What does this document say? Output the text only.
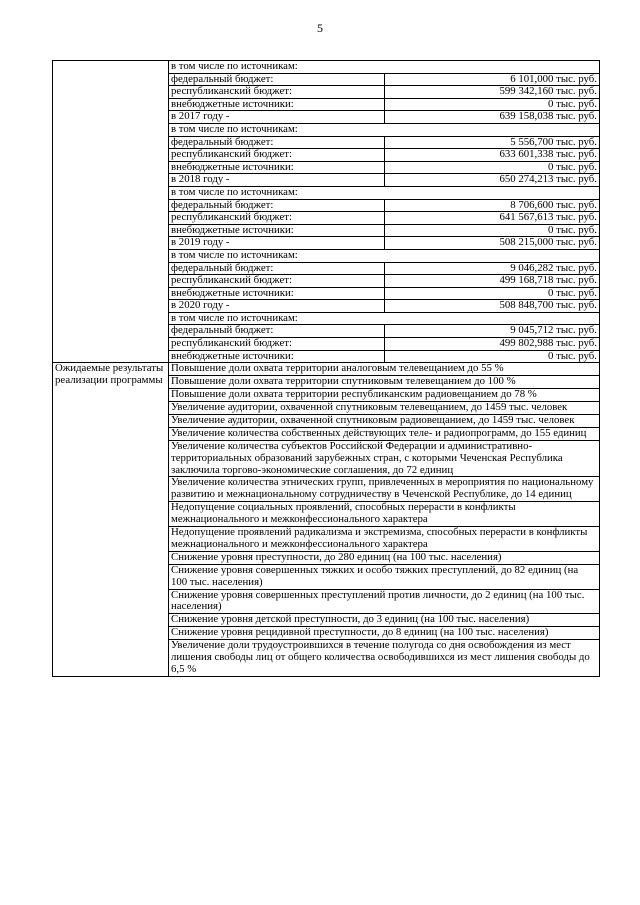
5
	в том числе по источникам:	
	федеральный бюджет:	6 101,000 тыс. руб.
	республиканский бюджет:	599 342,160 тыс. руб.
	внебюджетные источники:	0 тыс. руб.
	в 2017 году -	639 158,038 тыс. руб.
	в том числе по источникам:	
	федеральный бюджет:	5 556,700 тыс. руб.
	республиканский бюджет:	633 601,338 тыс. руб.
	внебюджетные источники:	0 тыс. руб.
	в 2018 году -	650 274,213 тыс. руб.
	в том числе по источникам:	
	федеральный бюджет:	8 706,600 тыс. руб.
	республиканский бюджет:	641 567,613 тыс. руб.
	внебюджетные источники:	0 тыс. руб.
	в 2019 году -	508 215,000 тыс. руб.
	в том числе по источникам:	
	федеральный бюджет:	9 046,282 тыс. руб.
	республиканский бюджет:	499 168,718 тыс. руб.
	внебюджетные источники:	0 тыс. руб.
	в 2020 году -	508 848,700 тыс. руб.
	в том числе по источникам:	
	федеральный бюджет:	9 045,712 тыс. руб.
	республиканский бюджет:	499 802,988 тыс. руб.
	внебюджетные источники:	0 тыс. руб.
Ожидаемые результаты реализации программы	Повышение доли охвата территории аналоговым телевещанием до 55 %	
	Повышение доли охвата территории спутниковым телевещанием до 100 %	
	Повышение доли охвата территории республиканским радиовещанием до 78 %	
	Увеличение аудитории, охваченной спутниковым телевещанием, до 1459 тыс. человек	
	Увеличение аудитории, охваченной спутниковым радиовещанием, до 1459 тыс. человек	
	Увеличение количества собственных действующих теле- и радиопрограмм, до 155 единиц	
	Увеличение количества субъектов Российской Федерации и административно-территориальных образований зарубежных стран, с которыми Чеченская Республика заключила торгово-экономические соглашения, до 72 единиц	
	Увеличение количества этнических групп, привлеченных в мероприятия по национальному развитию и межнациональному сотрудничеству в Чеченской Республике, до 14 единиц	
	Недопущение социальных проявлений, способных перерасти в конфликты межнационального и межконфессионального характера	
	Недопущение проявлений радикализма и экстремизма, способных перерасти в конфликты межнационального и межконфессионального характера	
	Снижение уровня преступности, до 280 единиц (на 100 тыс. населения)	
	Снижение уровня совершенных тяжких и особо тяжких преступлений, до 82 единиц (на 100 тыс. населения)	
	Снижение уровня совершенных преступлений против личности, до 2 единиц (на 100 тыс. населения)	
	Снижение уровня детской преступности, до 3 единиц (на 100 тыс. населения)	
	Снижение уровня рецидивной преступности, до 8 единиц (на 100 тыс. населения)	
	Увеличение доли трудоустроившихся в течение полугода со дня освобождения из мест лишения свободы лиц от общего количества освободившихся из мест лишения свободы до 6,5 %	
